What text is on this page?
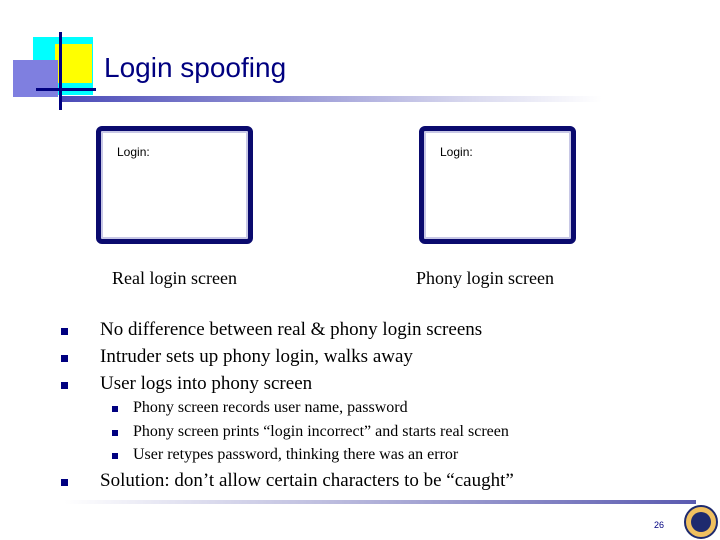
Login spoofing
Login:	Login:
Real login screen	Phony login screen
No difference between real & phony login screens
Intruder sets up phony login, walks away
User logs into phony screen
Phony screen records user name, password
Phony screen prints “login incorrect” and starts real screen
User retypes password, thinking there was an error
Solution: don’t allow certain characters to be “caught”
26
